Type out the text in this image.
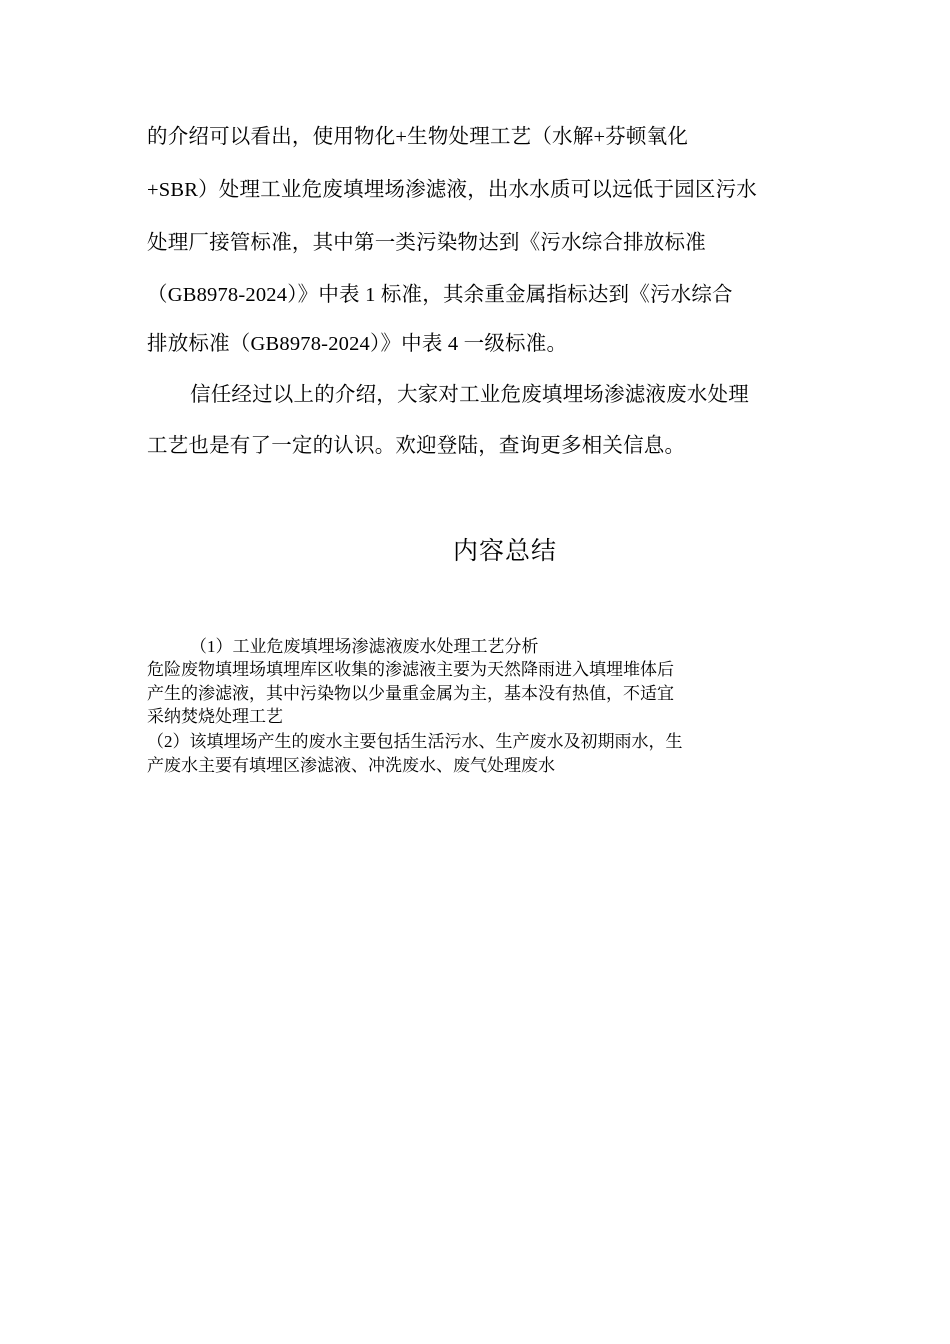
的介绍可以看出，使用物化+生物处理工艺（水解+芬顿氧化
+SBR）处理工业危废填埋场渗滤液，出水水质可以远低于园区污水
处理厂接管标准，其中第一类污染物达到《污水综合排放标准
（GB8978-2024）》中表 1 标准，其余重金属指标达到《污水综合
排放标准（GB8978-2024）》中表 4 一级标准。
信任经过以上的介绍，大家对工业危废填埋场渗滤液废水处理
工艺也是有了一定的认识。欢迎登陆，查询更多相关信息。
内容总结
（1）工业危废填埋场渗滤液废水处理工艺分析
危险废物填埋场填埋库区收集的渗滤液主要为天然降雨进入填埋堆体后
产生的渗滤液，其中污染物以少量重金属为主，基本没有热值，不适宜
采纳焚烧处理工艺
（2）该填埋场产生的废水主要包括生活污水、生产废水及初期雨水，生
产废水主要有填埋区渗滤液、冲洗废水、废气处理废水
